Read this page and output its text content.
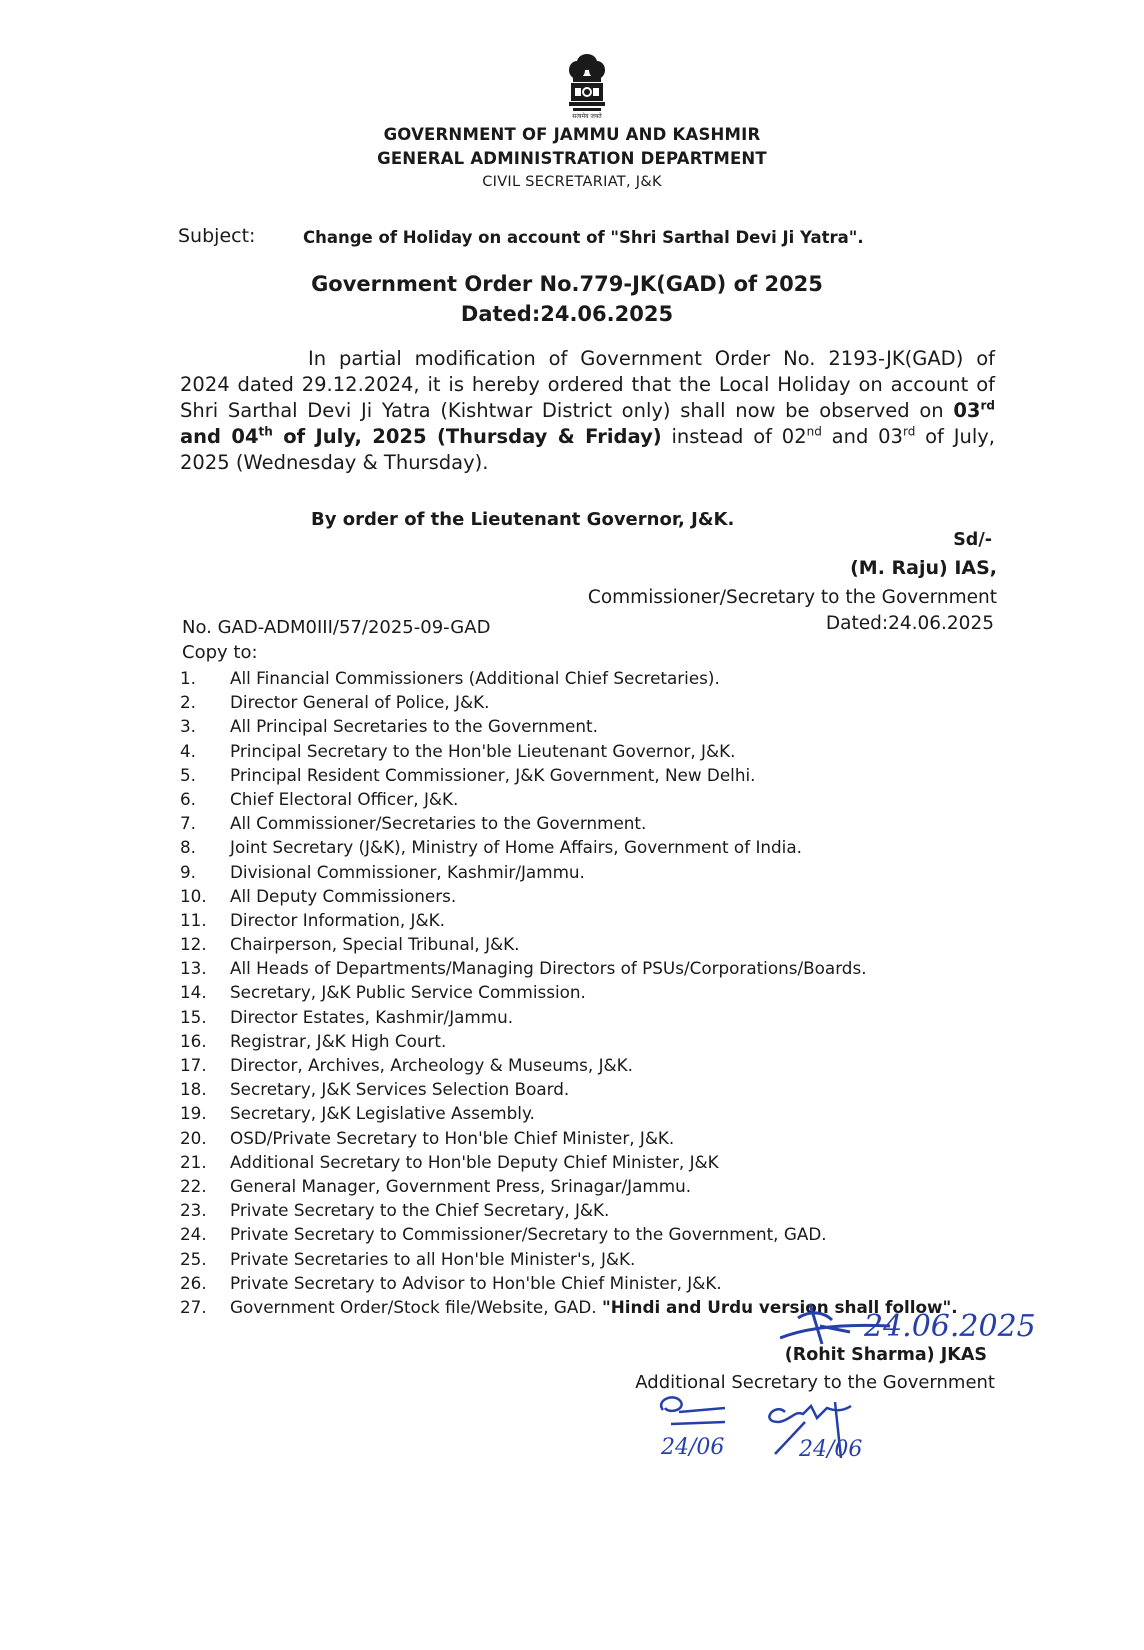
सत्यमेव जयते
GOVERNMENT OF JAMMU AND KASHMIR
GENERAL ADMINISTRATION DEPARTMENT
CIVIL SECRETARIAT, J&K
Subject:	Change of Holiday on account of "Shri Sarthal Devi Ji Yatra".
Government Order No.779-JK(GAD) of 2025
Dated:24.06.2025

In partial modification of Government Order No. 2193-JK(GAD) of 2024 dated 29.12.2024, it is hereby ordered that the Local Holiday on account of Shri Sarthal Devi Ji Yatra (Kishtwar District only) shall now be observed on 03rd and 04th of July, 2025 (Thursday & Friday) instead of 02nd and 03rd of July, 2025 (Wednesday & Thursday).

By order of the Lieutenant Governor, J&K.
Sd/-
(M. Raju) IAS,
Commissioner/Secretary to the Government
No. GAD-ADM0III/57/2025-09-GAD	Dated:24.06.2025
Copy to:
1.	All Financial Commissioners (Additional Chief Secretaries).
2.	Director General of Police, J&K.
3.	All Principal Secretaries to the Government.
4.	Principal Secretary to the Hon'ble Lieutenant Governor, J&K.
5.	Principal Resident Commissioner, J&K Government, New Delhi.
6.	Chief Electoral Officer, J&K.
7.	All Commissioner/Secretaries to the Government.
8.	Joint Secretary (J&K), Ministry of Home Affairs, Government of India.
9.	Divisional Commissioner, Kashmir/Jammu.
10.	All Deputy Commissioners.
11.	Director Information, J&K.
12.	Chairperson, Special Tribunal, J&K.
13.	All Heads of Departments/Managing Directors of PSUs/Corporations/Boards.
14.	Secretary, J&K Public Service Commission.
15.	Director Estates, Kashmir/Jammu.
16.	Registrar, J&K High Court.
17.	Director, Archives, Archeology & Museums, J&K.
18.	Secretary, J&K Services Selection Board.
19.	Secretary, J&K Legislative Assembly.
20.	OSD/Private Secretary to Hon'ble Chief Minister, J&K.
21.	Additional Secretary to Hon'ble Deputy Chief Minister, J&K
22.	General Manager, Government Press, Srinagar/Jammu.
23.	Private Secretary to the Chief Secretary, J&K.
24.	Private Secretary to Commissioner/Secretary to the Government, GAD.
25.	Private Secretaries to all Hon'ble Minister's, J&K.
26.	Private Secretary to Advisor to Hon'ble Chief Minister, J&K.
27.	Government Order/Stock file/Website, GAD. "Hindi and Urdu version shall follow".
24.06.2025
(Rohit Sharma) JKAS
Additional Secretary to the Government
24/06	24/06
